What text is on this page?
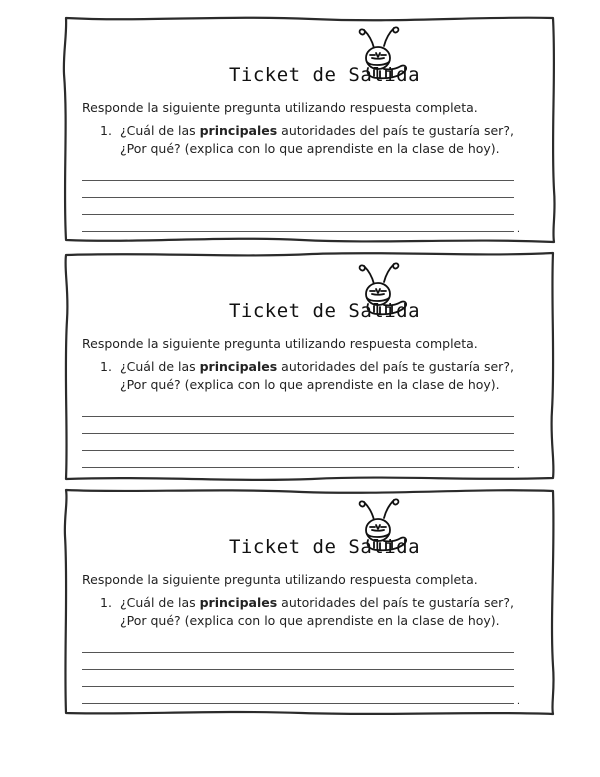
Ticket de Salida
Responde la siguiente pregunta utilizando respuesta completa.
1. ¿Cuál de las principales autoridades del país te gustaría ser?, ¿Por qué? (explica con lo que aprendiste en la clase de hoy).
.
Ticket de Salida
Responde la siguiente pregunta utilizando respuesta completa.
1. ¿Cuál de las principales autoridades del país te gustaría ser?, ¿Por qué? (explica con lo que aprendiste en la clase de hoy).
.
Ticket de Salida
Responde la siguiente pregunta utilizando respuesta completa.
1. ¿Cuál de las principales autoridades del país te gustaría ser?, ¿Por qué? (explica con lo que aprendiste en la clase de hoy).
.
